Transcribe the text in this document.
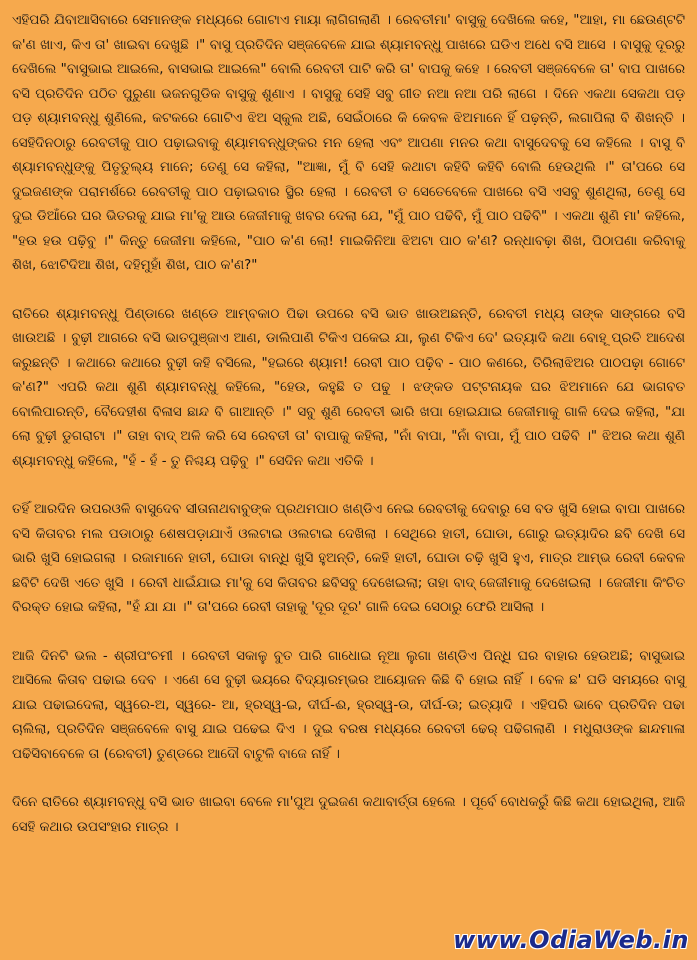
ଏହିପରି ଯିବାଆସିବାରେ ସେମାନଙ୍କ ମଧ୍ୟରେ ଗୋଟାଏ ମାୟା ଲାଗିଗଲାଣି । ରେବତୀମା' ବାସୁକୁ ଦେଖିଲେ କହେ, "ଆହା, ମା ଛେଉଣ୍ଟଟି କ'ଣ ଖାଏ, କିଏ ତା' ଖାଇବା ଦେଖୁଛି ।" ବାସୁ ପ୍ରତିଦିନ ସଞ୍ଜବେଳେ ଯାଇ ଶ୍ୟାମବନ୍ଧୁ ପାଖରେ ଘଡିଏ ଅଧେ ବସି ଆସେ । ବାସୁକୁ ଦୂରରୁ ଦେଖିଲେ "ବାସୁଭାଇ ଆଇଲେ, ବାସଭାଇ ଆଇଲେ" ବୋଲି ରେବତୀ ପାଟି କରି ତା' ବାପକୁ କହେ । ରେବତୀ ସଞ୍ଜବେଳେ ତା' ବାପ ପାଖରେ ବସି ପ୍ରତିଦିନ ପଠିତ ପୁରୁଣା ଭଜନଗୁଡିକ ବାସୁକୁ ଶୁଣାଏ । ବାସୁକୁ ସେହି ସବୁ ଗୀତ ନଆ ନଆ ପରି ଲାଗେ । ଦିନେ ଏକଥା ସେକଥା ପଡ଼ ପଡ଼ ଶ୍ୟାମବନ୍ଧୁ ଶୁଣିଲେ, କଟକରେ ଗୋଟିଏ ଝିଅ ସ୍କୁଲ ଅଛି, ସେଇଁଠାରେ କି କେବଳ ଝିଅମାନେ ହିଁ ପଢ଼ନ୍ତି, ଲଗାପିଲା ବି ଶିଖନ୍ତି । ସେହିଦିନଠାରୁ ରେବତୀକୁ ପାଠ ପଢ଼ାଇବାକୁ ଶ୍ୟାମବନ୍ଧୁଙ୍କର ମନ ହେଲା ଏବଂ ଆପଣା ମନର କଥା ବାସୁଦେବକୁ ସେ କହିଲେ । ବାସୁ ବି ଶ୍ୟାମବନ୍ଧୁଙ୍କୁ ପିତୃତୁଲ୍ୟ ମାନେ; ତେଣୁ ସେ କହିଲା, "ଆଜ୍ଞା, ମୁଁ ବି ସେହି କଥାଟା କହିବି କହିବି ବୋଲି ହେଉଥିଲି ।" ତା'ପରେ ସେ ଦୁଇଜଣଙ୍କ ପରାମର୍ଶରେ ରେବତୀକୁ ପାଠ ପଢ଼ାଇବାର ସ୍ଥିର ହେଲା । ରେବତୀ ତ ସେତେବେଳେ ପାଖରେ ବସି ଏସବୁ ଶୁଣଥିଲା, ତେଣୁ ସେ ଦୁଇ ଡିଆଁରେ ଘର ଭିତରକୁ ଯାଇ ମା'କୁ ଆଉ ଜେଜୀମାକୁ ଖବର ଦେଲା ଯେ, "ମୁଁ ପାଠ ପଢିବି, ମୁଁ ପାଠ ପଢିବି" । ଏକଥା ଶୁଣି ମା' କହିଲେ, "ହଉ ହଉ ପଢ଼ିବୁ ।" କିନ୍ତୁ ଜେଜୀମା କହିଲେ, "ପାଠ କ'ଣ ଲୋ! ମାଇକିନିଆ ଝିଅଟା ପାଠ କ'ଣ? ରନ୍ଧାବଢ଼ା ଶିଖ, ପିଠାପଣା କରିବାକୁ ଶିଖ, ଝୋଟିଦିଆ ଶିଖ, ଦହିମୁହାଁ ଶିଖ, ପାଠ କ'ଣ?"

ରାତିରେ ଶ୍ୟାମବନ୍ଧୁ ପିଣ୍ଡାରେ ଖଣ୍ଡେ ଆମ୍ବକାଠ ପିଢା ଉପରେ ବସି ଭାତ ଖାଉଅଛନ୍ତି, ରେବତୀ ମଧ୍ୟ ତାଙ୍କ ସାଙ୍ଗରେ ବସି ଖାଉଅଛି । ବୁଢ଼ୀ ଆଗରେ ବସି ଭାତପୁଞ୍ଜାଏ ଆଣ, ଡାଲିପାଣି ଟିକିଏ ପକେଇ ଯା, ଲୁଣ ଟିକିଏ ଦେ' ଇତ୍ୟାଦି କଥା ବୋହୂ ପ୍ରତି ଆଦେଶ କରୁଛନ୍ତି । କଥାରେ କଥାରେ ବୁଢ଼ୀ କହି ବସିଲେ, "ହଇରେ ଶ୍ୟାମ! ରେବୀ ପାଠ ପଢ଼ିବ - ପାଠ କଣରେ, ତିରିଲାଝିଅର ପାଠପଢ଼ା ଗୋଟେ କ'ଣ?" ଏପରି କଥା ଶୁଣି ଶ୍ୟାମବନ୍ଧୁ କହିଲେ, "ହେଉ, କହୁଛି ତ ପଢୁ । ଝଙ୍କଡ ପଟ୍ଟନାୟକ ଘର ଝିଅମାନେ ଯେ ଭାଗବତ ବୋଲିପାରନ୍ତି, ବୈଦେହୀଶ ବିଳାସ ଛାନ୍ଦ ବି ଗାଆନ୍ତି ।" ସବୁ ଶୁଣି ରେବତୀ ଭାରି ଖପା ହୋଇଯାଇ ଜେଜୀମାକୁ ଗାଳି ଦେଇ କହିଲା, "ଯା ଲୋ ବୁଢ଼ୀ ଡୁଗରାଟା ।" ତାହା ବାଦ୍ ଅଳି କରି ସେ ରେବତୀ ତା' ବାପାକୁ କହିଲା, "ନାଁ ବାପା, "ନାଁ ବାପା, ମୁଁ ପାଠ ପଢିବି ।" ଝିଅର କଥା ଶୁଣି ଶ୍ୟାମବନ୍ଧୁ କହିଲେ, "ହଁ - ହଁ - ତୁ ନିଶ୍ଚୟ ପଢ଼ିବୁ ।" ସେଦିନ କଥା ଏତିକି ।

ତହିଁ ଆରଦିନ ଉପରଓଳି ବାସୁଦେବ ସୀତାନାଥବାବୁଙ୍କ ପ୍ରଥମପାଠ ଖଣ୍ଡିଏ ନେଇ ରେବତୀକୁ ଦେବାରୁ ସେ ବଡ ଖୁସି ହୋଇ ବାପା ପାଖରେ ବସି କିତାବର ମଲ ପଡାଠାରୁ ଶେଷପଡ଼ାଯାଏଁ ଓଲଟାଇ ଓଲଟାଇ ଦେଖିଲା । ସେଥିରେ ହାତୀ, ଘୋଡା, ଗୋରୁ ଇତ୍ୟାଦିର ଛବି ଦେଖି ସେ ଭାରି ଖୁସି ହୋଇଗଲା । ରଜାମାନେ ହାତୀ, ଘୋଡା ବାନ୍ଧି ଖୁସି ହୁଅନ୍ତି, କେହି ହାତୀ, ଘୋଡା ଚଢ଼ି ଖୁସି ହୁଏ, ମାତ୍ର ଆମ୍ଭ ରେବୀ କେବଳ ଛବିଟି ଦେଖି ଏତେ ଖୁସି । ରେବୀ ଧାଇଁଯାଇ ମା'କୁ ସେ କିତାବର ଛବିସବୁ ଦେଖେଇଲା; ତାହା ବାଦ୍ ଜେଜୀମାକୁ ଦେଖେଇଲା । ଜେଜୀମା କିଂଚିତ ବିରକ୍ତ ହୋଇ କହିଲା, "ହଁ ଯା ଯା ।" ତା'ପରେ ରେବୀ ତାହାକୁ 'ଦୂର ଦୂର' ଗାଳି ଦେଇ ସେଠାରୁ ଫେରି ଆସିଲା ।

ଆଜି ଦିନଟି ଭଲ - ଶ୍ରୀପଂଚମୀ । ରେବତୀ ସକାଳୁ ବୁତ ପାରି ଗାଧୋଇ ନୂଆ ଲୁଗା ଖଣ୍ଡିଏ ପିନ୍ଧି ଘର ବାହାର ହେଉଅଛି; ବାସୁଭାଇ ଆସିଲେ କିତାବ ପଢାଇ ଦେବ । ଏଣେ ସେ ବୁଢ଼ୀ ଭୟରେ ବିଦ୍ୟାରମ୍ଭର ଆୟୋଜନ କିଛି ବି ହୋଇ ନାହିଁ । ବେଳ ଛ' ଘଡି ସମୟରେ ବାସୁ ଯାଇ ପଢାଇଦେଲା, ସ୍ୱରେ-ଅ, ସ୍ୱରେ- ଆ, ହ୍ରସ୍ୱ-ଇ, ଦୀର୍ଘ-ଈ, ହ୍ରସ୍ୱ-ଉ, ଦୀର୍ଘ-ଊ; ଇତ୍ୟାଦି । ଏହିପରି ଭାବେ ପ୍ରତିଦିନ ପଢା ଚାଲିଲା, ପ୍ରତିଦିନ ସଞ୍ଜବେଳେ ବାସୁ ଯାଇ ପଢେଇ ଦିଏ । ଦୁଇ ବରଷ ମଧ୍ୟରେ ରେବତୀ ଢେର୍ ପଢିଗଲାଣି । ମଧୁରାଓଙ୍କ ଛାନ୍ଦମାଳା ପଢିସିବାବେଳେ ତା (ରେବତୀ) ତୁଣ୍ଡରେ ଆଦୌ ବାଟୁଳି ବାଜେ ନାହିଁ ।

ଦିନେ ରାତିରେ ଶ୍ୟାମବନ୍ଧୁ ବସି ଭାତ ଖାଇବା ବେଳେ ମା'ପୁଅ ଦୁଇଜଣ କଥାବାର୍ତ୍ତା ହେଲେ । ପୂର୍ବେ ବୋଧକରୁଁ କିଛି କଥା ହୋଇଥିଲା, ଆଜି ସେହି କଥାର ଉପସଂହାର ମାତ୍ର ।

www.OdiaWeb.in
